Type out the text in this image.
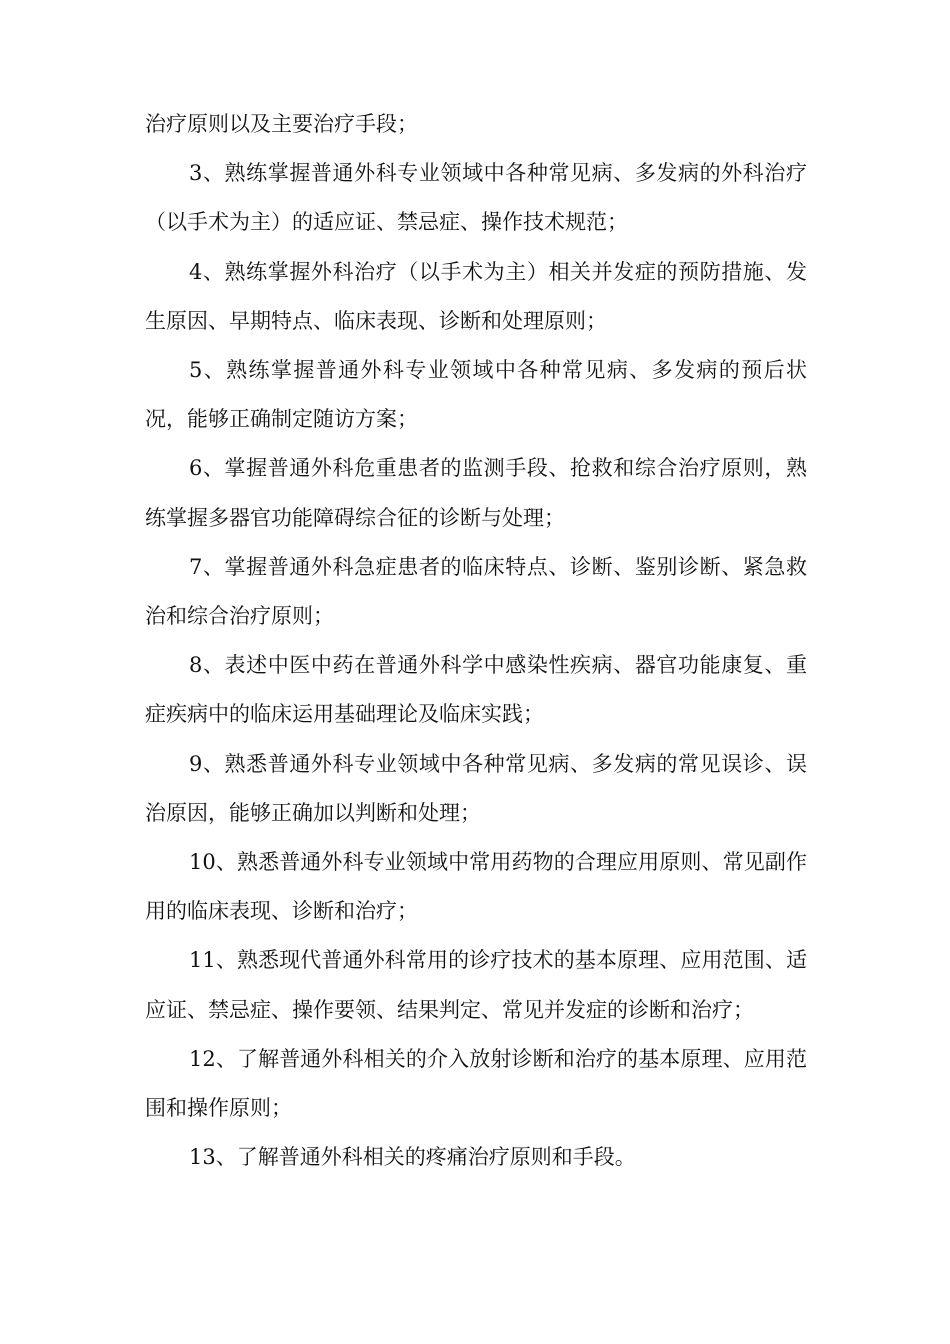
治疗原则以及主要治疗手段；

3、熟练掌握普通外科专业领域中各种常见病、多发病的外科治疗（以手术为主）的适应证、禁忌症、操作技术规范；

4、熟练掌握外科治疗（以手术为主）相关并发症的预防措施、发生原因、早期特点、临床表现、诊断和处理原则；

5、熟练掌握普通外科专业领域中各种常见病、多发病的预后状况，能够正确制定随访方案；

6、掌握普通外科危重患者的监测手段、抢救和综合治疗原则，熟练掌握多器官功能障碍综合征的诊断与处理；

7、掌握普通外科急症患者的临床特点、诊断、鉴别诊断、紧急救治和综合治疗原则；

8、表述中医中药在普通外科学中感染性疾病、器官功能康复、重症疾病中的临床运用基础理论及临床实践；

9、熟悉普通外科专业领域中各种常见病、多发病的常见误诊、误治原因，能够正确加以判断和处理；

10、熟悉普通外科专业领域中常用药物的合理应用原则、常见副作用的临床表现、诊断和治疗；

11、熟悉现代普通外科常用的诊疗技术的基本原理、应用范围、适应证、禁忌症、操作要领、结果判定、常见并发症的诊断和治疗；

12、了解普通外科相关的介入放射诊断和治疗的基本原理、应用范围和操作原则；

13、了解普通外科相关的疼痛治疗原则和手段。
